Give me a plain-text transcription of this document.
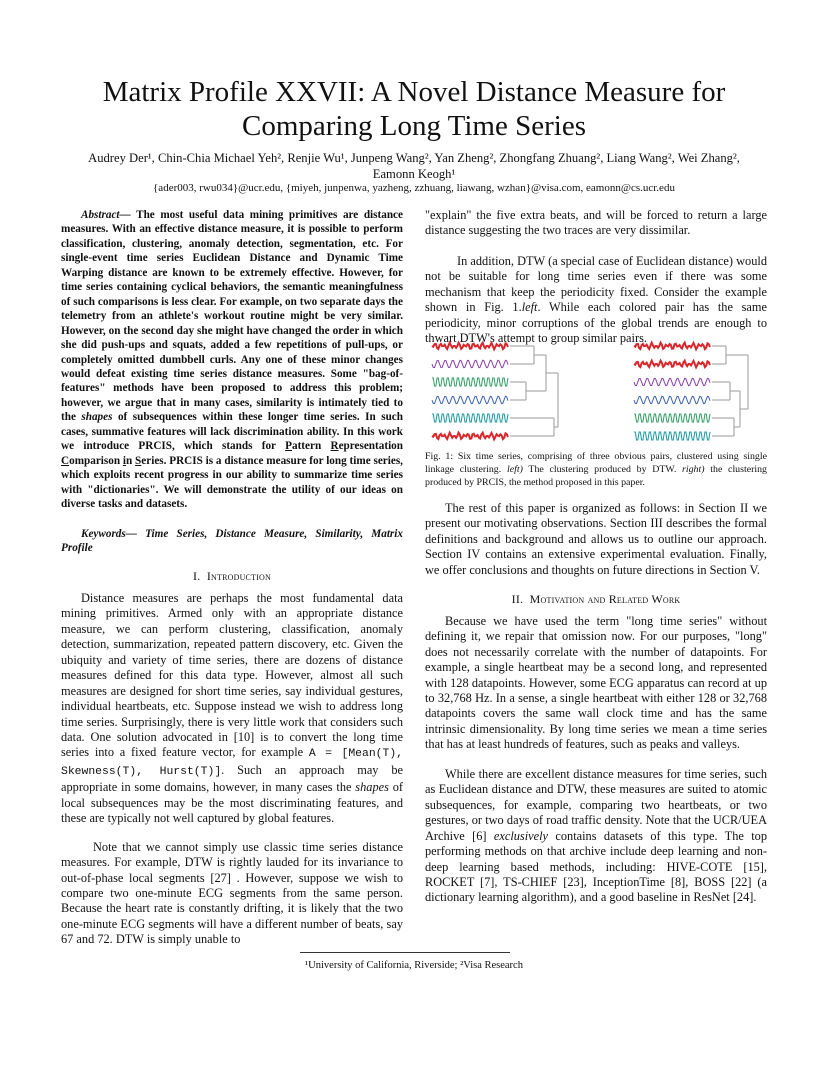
Matrix Profile XXVII: A Novel Distance Measure for Comparing Long Time Series
Audrey Der¹, Chin-Chia Michael Yeh², Renjie Wu¹, Junpeng Wang², Yan Zheng², Zhongfang Zhuang², Liang Wang², Wei Zhang², Eamonn Keogh¹
{ader003, rwu034}@ucr.edu, {miyeh, junpenwa, yazheng, zzhuang, liawang, wzhan}@visa.com, eamonn@cs.ucr.edu

Abstract— The most useful data mining primitives are distance measures. With an effective distance measure, it is possible to perform classification, clustering, anomaly detection, segmentation, etc. For single-event time series Euclidean Distance and Dynamic Time Warping distance are known to be extremely effective. However, for time series containing cyclical behaviors, the semantic meaningfulness of such comparisons is less clear. For example, on two separate days the telemetry from an athlete's workout routine might be very similar. However, on the second day she might have changed the order in which she did push-ups and squats, added a few repetitions of pull-ups, or completely omitted dumbbell curls. Any one of these minor changes would defeat existing time series distance measures. Some "bag-of-features" methods have been proposed to address this problem; however, we argue that in many cases, similarity is intimately tied to the shapes of subsequences within these longer time series. In such cases, summative features will lack discrimination ability. In this work we introduce PRCIS, which stands for Pattern Representation Comparison in Series. PRCIS is a distance measure for long time series, which exploits recent progress in our ability to summarize time series with "dictionaries". We will demonstrate the utility of our ideas on diverse tasks and datasets.

Keywords— Time Series, Distance Measure, Similarity, Matrix Profile

I. Introduction

Distance measures are perhaps the most fundamental data mining primitives. Armed only with an appropriate distance measure, we can perform clustering, classification, anomaly detection, summarization, repeated pattern discovery, etc. Given the ubiquity and variety of time series, there are dozens of distance measures defined for this data type. However, almost all such measures are designed for short time series, say individual gestures, individual heartbeats, etc. Suppose instead we wish to address long time series. Surprisingly, there is very little work that considers such data. One solution advocated in [10] is to convert the long time series into a fixed feature vector, for example A = [Mean(T), Skewness(T), Hurst(T)]. Such an approach may be appropriate in some domains, however, in many cases the shapes of local subsequences may be the most discriminating features, and these are typically not well captured by global features.

Note that we cannot simply use classic time series distance measures. For example, DTW is rightly lauded for its invariance to out-of-phase local segments [27] . However, suppose we wish to compare two one-minute ECG segments from the same person. Because the heart rate is constantly drifting, it is likely that the two one-minute ECG segments will have a different number of beats, say 67 and 72. DTW is simply unable to

"explain" the five extra beats, and will be forced to return a large distance suggesting the two traces are very dissimilar.

In addition, DTW (a special case of Euclidean distance) would not be suitable for long time series even if there was some mechanism that keep the periodicity fixed. Consider the example shown in Fig. 1.left. While each colored pair has the same periodicity, minor corruptions of the global trends are enough to thwart DTW's attempt to group similar pairs.

Fig. 1: Six time series, comprising of three obvious pairs, clustered using single linkage clustering. left) The clustering produced by DTW. right) the clustering produced by PRCIS, the method proposed in this paper.

The rest of this paper is organized as follows: in Section II we present our motivating observations. Section III describes the formal definitions and background and allows us to outline our approach. Section IV contains an extensive experimental evaluation. Finally, we offer conclusions and thoughts on future directions in Section V.

II. Motivation and Related Work

Because we have used the term "long time series" without defining it, we repair that omission now. For our purposes, "long" does not necessarily correlate with the number of datapoints. For example, a single heartbeat may be a second long, and represented with 128 datapoints. However, some ECG apparatus can record at up to 32,768 Hz. In a sense, a single heartbeat with either 128 or 32,768 datapoints covers the same wall clock time and has the same intrinsic dimensionality. By long time series we mean a time series that has at least hundreds of features, such as peaks and valleys.

While there are excellent distance measures for time series, such as Euclidean distance and DTW, these measures are suited to atomic subsequences, for example, comparing two heartbeats, or two gestures, or two days of road traffic density. Note that the UCR/UEA Archive [6] exclusively contains datasets of this type. The top performing methods on that archive include deep learning and non-deep learning based methods, including: HIVE-COTE [15], ROCKET [7], TS-CHIEF [23], InceptionTime [8], BOSS [22] (a dictionary learning algorithm), and a good baseline in ResNet [24].

¹University of California, Riverside; ²Visa Research
